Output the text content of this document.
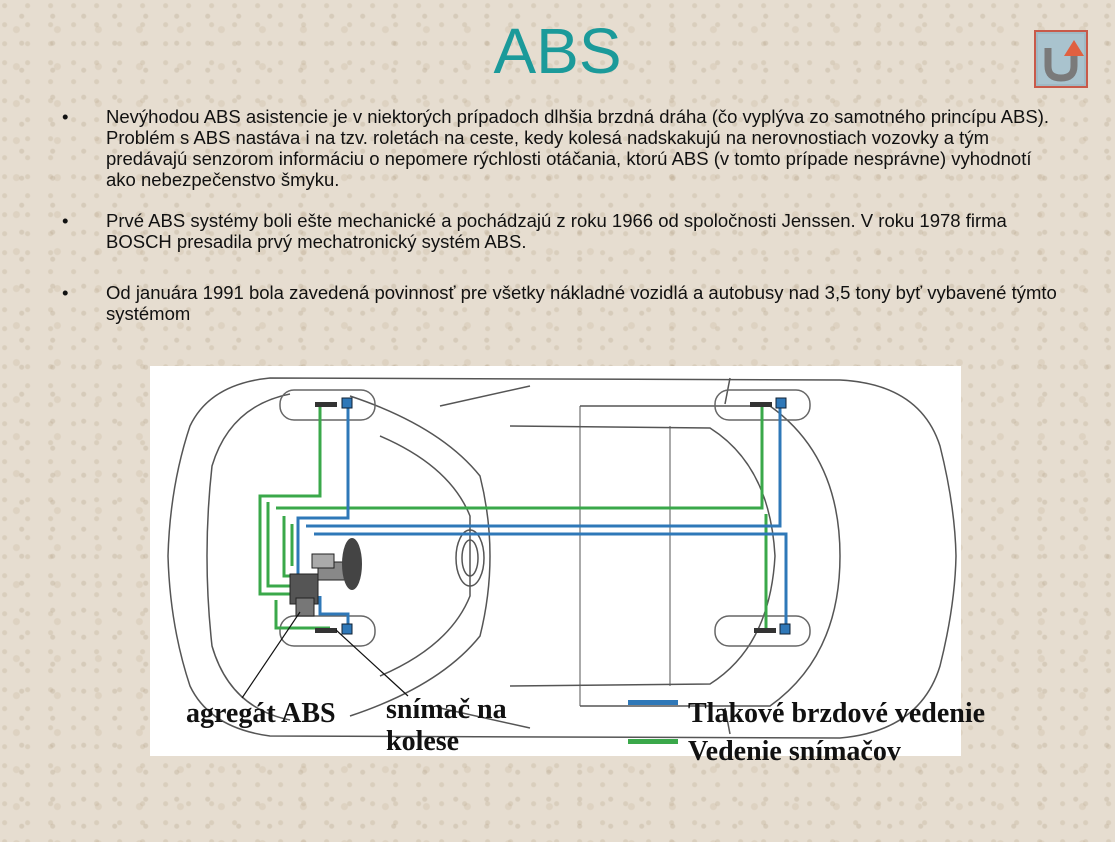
ABS
• Nevýhodou ABS asistencie je v niektorých prípadoch dlhšia brzdná dráha (čo vyplýva zo samotného princípu ABS). Problém s ABS nastáva i na tzv. roletách na ceste, kedy kolesá nadskakujú na nerovnostiach vozovky a tým predávajú senzorom informáciu o nepomere rýchlosti otáčania, ktorú ABS (v tomto prípade nesprávne) vyhodnotí ako nebezpečenstvo šmyku.
• Prvé ABS systémy boli ešte mechanické a pochádzajú z roku 1966 od spoločnosti Jenssen. V roku 1978 firma BOSCH presadila prvý mechatronický systém ABS.
• Od januára 1991 bola zavedená povinnosť pre všetky nákladné vozidlá a autobusy nad 3,5 tony byť vybavené týmto systémom
agregát ABS snímač na kolese
Tlakové brzdové vedenie
Vedenie snímačov
